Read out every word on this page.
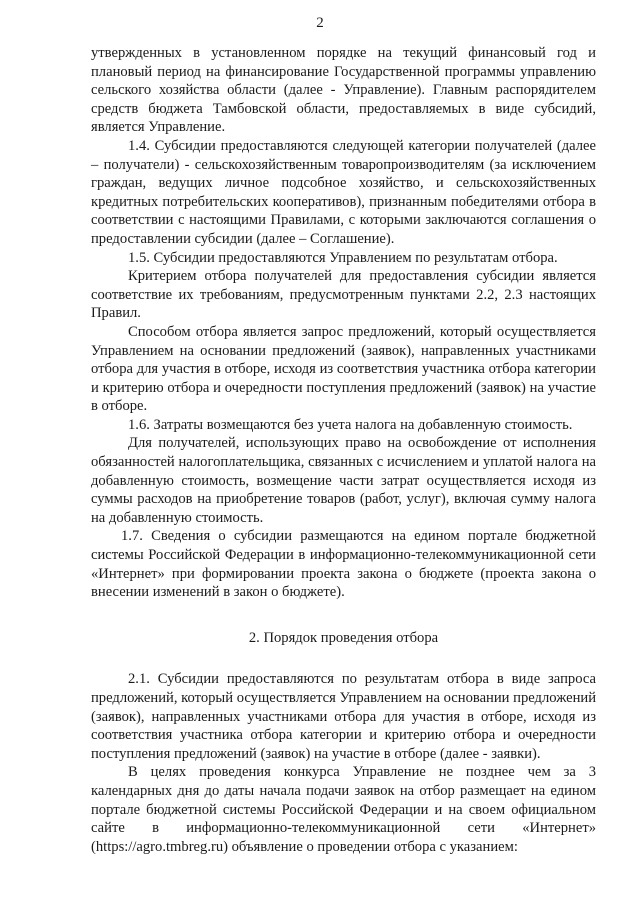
2

утвержденных в установленном порядке на текущий финансовый год и плановый период на финансирование Государственной программы управлению сельского хозяйства области (далее - Управление). Главным распорядителем средств бюджета Тамбовской области, предоставляемых в виде субсидий, является Управление.

1.4. Субсидии предоставляются следующей категории получателей (далее – получатели) - сельскохозяйственным товаропроизводителям (за исключением граждан, ведущих личное подсобное хозяйство, и сельскохозяйственных кредитных потребительских кооперативов), признанным победителями отбора в соответствии с настоящими Правилами, с которыми заключаются соглашения о предоставлении субсидии (далее – Соглашение).

1.5. Субсидии предоставляются Управлением по результатам отбора.

Критерием отбора получателей для предоставления субсидии является соответствие их требованиям, предусмотренным пунктами 2.2, 2.3 настоящих Правил.

Способом отбора является запрос предложений, который осуществляется Управлением на основании предложений (заявок), направленных участниками отбора для участия в отборе, исходя из соответствия участника отбора категории и критерию отбора и очередности поступления предложений (заявок) на участие в отборе.

1.6. Затраты возмещаются без учета налога на добавленную стоимость.

Для получателей, использующих право на освобождение от исполнения обязанностей налогоплательщика, связанных с исчислением и уплатой налога на добавленную стоимость, возмещение части затрат осуществляется исходя из суммы расходов на приобретение товаров (работ, услуг), включая сумму налога на добавленную стоимость.

1.7. Сведения о субсидии размещаются на едином портале бюджетной системы Российской Федерации в информационно-телекоммуникационной сети «Интернет» при формировании проекта закона о бюджете (проекта закона о внесении изменений в закон о бюджете).

2. Порядок проведения отбора

2.1. Субсидии предоставляются по результатам отбора в виде запроса предложений, который осуществляется Управлением на основании предложений (заявок), направленных участниками отбора для участия в отборе, исходя из соответствия участника отбора категории и критерию отбора и очередности поступления предложений (заявок) на участие в отборе (далее - заявки).

В целях проведения конкурса Управление не позднее чем за 3 календарных дня до даты начала подачи заявок на отбор размещает на едином портале бюджетной системы Российской Федерации и на своем официальном сайте в информационно-телекоммуникационной сети «Интернет» (https://agro.tmbreg.ru) объявление о проведении отбора с указанием:
